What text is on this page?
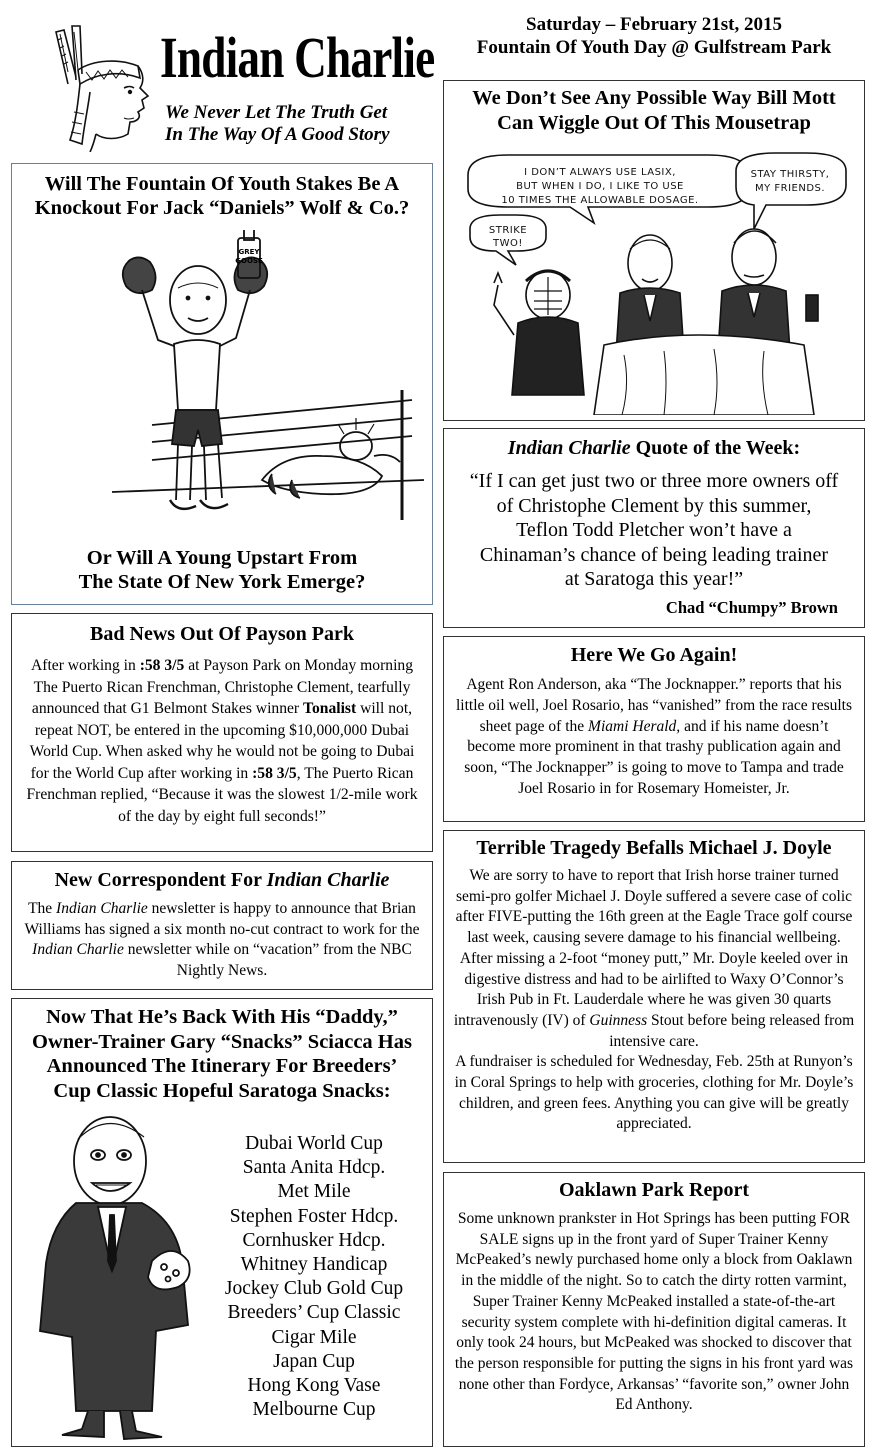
Indian Charlie
We Never Let The Truth Get
In The Way Of A Good Story
Saturday – February 21st, 2015
Fountain Of Youth Day @ Gulfstream Park
Will The Fountain Of Youth Stakes Be A
Knockout For Jack “Daniels” Wolf & Co.?
GREY
GOOSE
Or Will A Young Upstart From
The State Of New York Emerge?
Bad News Out Of Payson Park
After working in :58 3/5 at Payson Park on Monday morning The Puerto Rican Frenchman, Christophe Clement, tearfully announced that G1 Belmont Stakes winner Tonalist will not, repeat NOT, be entered in the upcoming $10,000,000 Dubai World Cup. When asked why he would not be going to Dubai for the World Cup after working in :58 3/5, The Puerto Rican Frenchman replied, “Because it was the slowest 1/2-mile work of the day by eight full seconds!”
New Correspondent For Indian Charlie
The Indian Charlie newsletter is happy to announce that Brian Williams has signed a six month no-cut contract to work for the Indian Charlie newsletter while on “vacation” from the NBC Nightly News.
Now That He’s Back With His “Daddy,”
Owner-Trainer Gary “Snacks” Sciacca Has
Announced The Itinerary For Breeders’
Cup Classic Hopeful Saratoga Snacks:
Dubai World Cup
Santa Anita Hdcp.
Met Mile
Stephen Foster Hdcp.
Cornhusker Hdcp.
Whitney Handicap
Jockey Club Gold Cup
Breeders’ Cup Classic
Cigar Mile
Japan Cup
Hong Kong Vase
Melbourne Cup
We Don’t See Any Possible Way Bill Mott
Can Wiggle Out Of This Mousetrap
I DON’T ALWAYS USE LASIX,
BUT WHEN I DO, I LIKE TO USE
10 TIMES THE ALLOWABLE DOSAGE.
STAY THIRSTY,
MY FRIENDS.
STRIKE
TWO!
Indian Charlie Quote of the Week:
“If I can get just two or three more owners off
of Christophe Clement by this summer,
Teflon Todd Pletcher won’t have a
Chinaman’s chance of being leading trainer
at Saratoga this year!”
Chad “Chumpy” Brown
Here We Go Again!
Agent Ron Anderson, aka “The Jocknapper.” reports that his little oil well, Joel Rosario, has “vanished” from the race results sheet page of the Miami Herald, and if his name doesn’t become more prominent in that trashy publication again and soon, “The Jocknapper” is going to move to Tampa and trade Joel Rosario in for Rosemary Homeister, Jr.
Terrible Tragedy Befalls Michael J. Doyle
We are sorry to have to report that Irish horse trainer turned semi-pro golfer Michael J. Doyle suffered a severe case of colic after FIVE-putting the 16th green at the Eagle Trace golf course last week, causing severe damage to his financial wellbeing.
After missing a 2-foot “money putt,” Mr. Doyle keeled over in digestive distress and had to be airlifted to Waxy O’Connor’s Irish Pub in Ft. Lauderdale where he was given 30 quarts intravenously (IV) of Guinness Stout before being released from intensive care.
A fundraiser is scheduled for Wednesday, Feb. 25th at Runyon’s in Coral Springs to help with groceries, clothing for Mr. Doyle’s children, and green fees. Anything you can give will be greatly appreciated.
Oaklawn Park Report
Some unknown prankster in Hot Springs has been putting FOR SALE signs up in the front yard of Super Trainer Kenny McPeaked’s newly purchased home only a block from Oaklawn in the middle of the night. So to catch the dirty rotten varmint, Super Trainer Kenny McPeaked installed a state-of-the-art security system complete with hi-definition digital cameras. It only took 24 hours, but McPeaked was shocked to discover that the person responsible for putting the signs in his front yard was none other than Fordyce, Arkansas’ “favorite son,” owner John Ed Anthony.
